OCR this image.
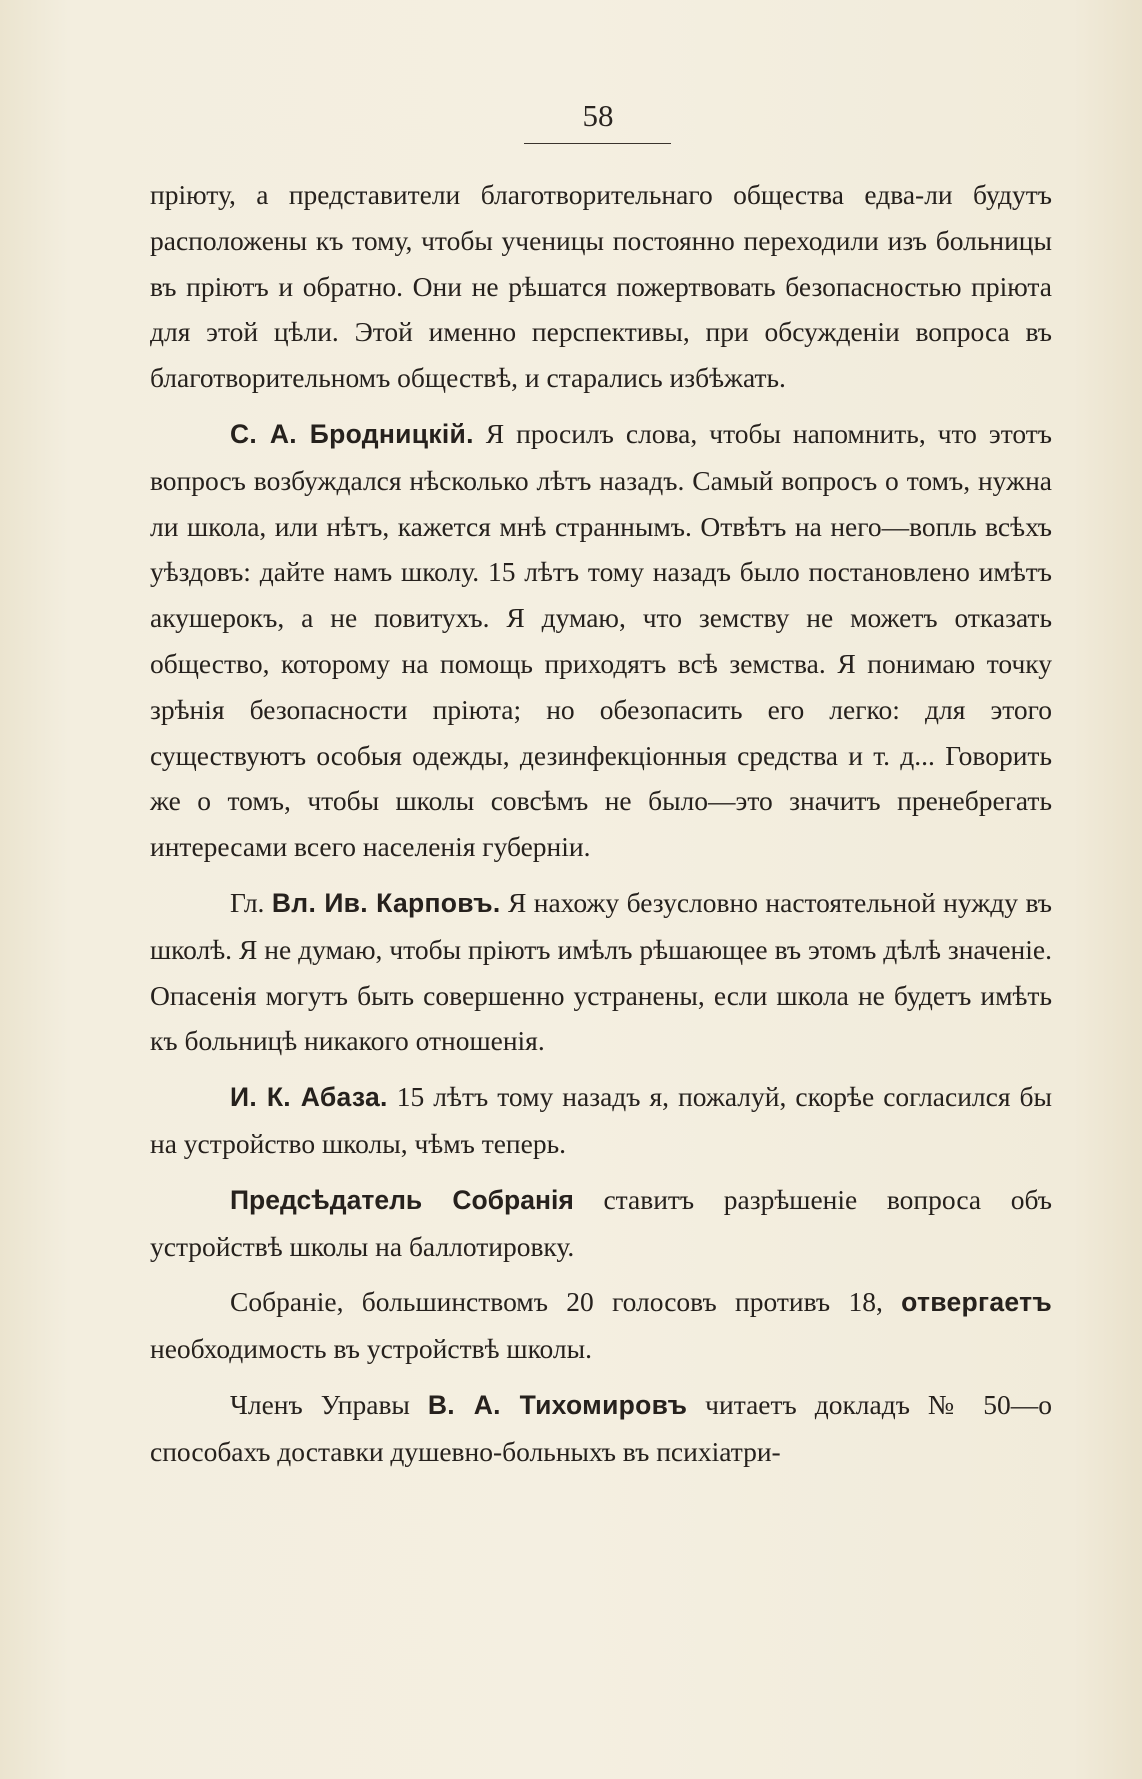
58

пріюту, а представители благотворительнаго общества едва-ли будутъ расположены къ тому, чтобы ученицы постоянно переходили изъ больницы въ пріютъ и обратно. Они не рѣшатся пожертвовать безопасностью пріюта для этой цѣли. Этой именно перспективы, при обсужденіи вопроса въ благотворительномъ обществѣ, и старались избѣжать.

С. А. Бродницкій. Я просилъ слова, чтобы напомнить, что этотъ вопросъ возбуждался нѣсколько лѣтъ назадъ. Самый вопросъ о томъ, нужна ли школа, или нѣтъ, кажется мнѣ страннымъ. Отвѣтъ на него—вопль всѣхъ уѣздовъ: дайте намъ школу. 15 лѣтъ тому назадъ было постановлено имѣтъ акушерокъ, а не повитухъ. Я думаю, что земству не можетъ отказать общество, которому на помощь приходятъ всѣ земства. Я понимаю точку зрѣнія безопасности пріюта; но обезопасить его легко: для этого существуютъ особыя одежды, дезинфекціонныя средства и т. д... Говорить же о томъ, чтобы школы совсѣмъ не было—это значитъ пренебрегать интересами всего населенія губерніи.

Гл. Вл. Ив. Карповъ. Я нахожу безусловно настоятельной нужду въ школѣ. Я не думаю, чтобы пріютъ имѣлъ рѣшающее въ этомъ дѣлѣ значеніе. Опасенія могутъ быть совершенно устранены, если школа не будетъ имѣть къ больницѣ никакого отношенія.

И. К. Абаза. 15 лѣтъ тому назадъ я, пожалуй, скорѣе согласился бы на устройство школы, чѣмъ теперь.

Предсѣдатель Собранія ставитъ разрѣшеніе вопроса объ устройствѣ школы на баллотировку.

Собраніе, большинствомъ 20 голосовъ противъ 18, отвергаетъ необходимость въ устройствѣ школы.

Членъ Управы В. А. Тихомировъ читаетъ докладъ № 50—о способахъ доставки душевно-больныхъ въ психіатри-
